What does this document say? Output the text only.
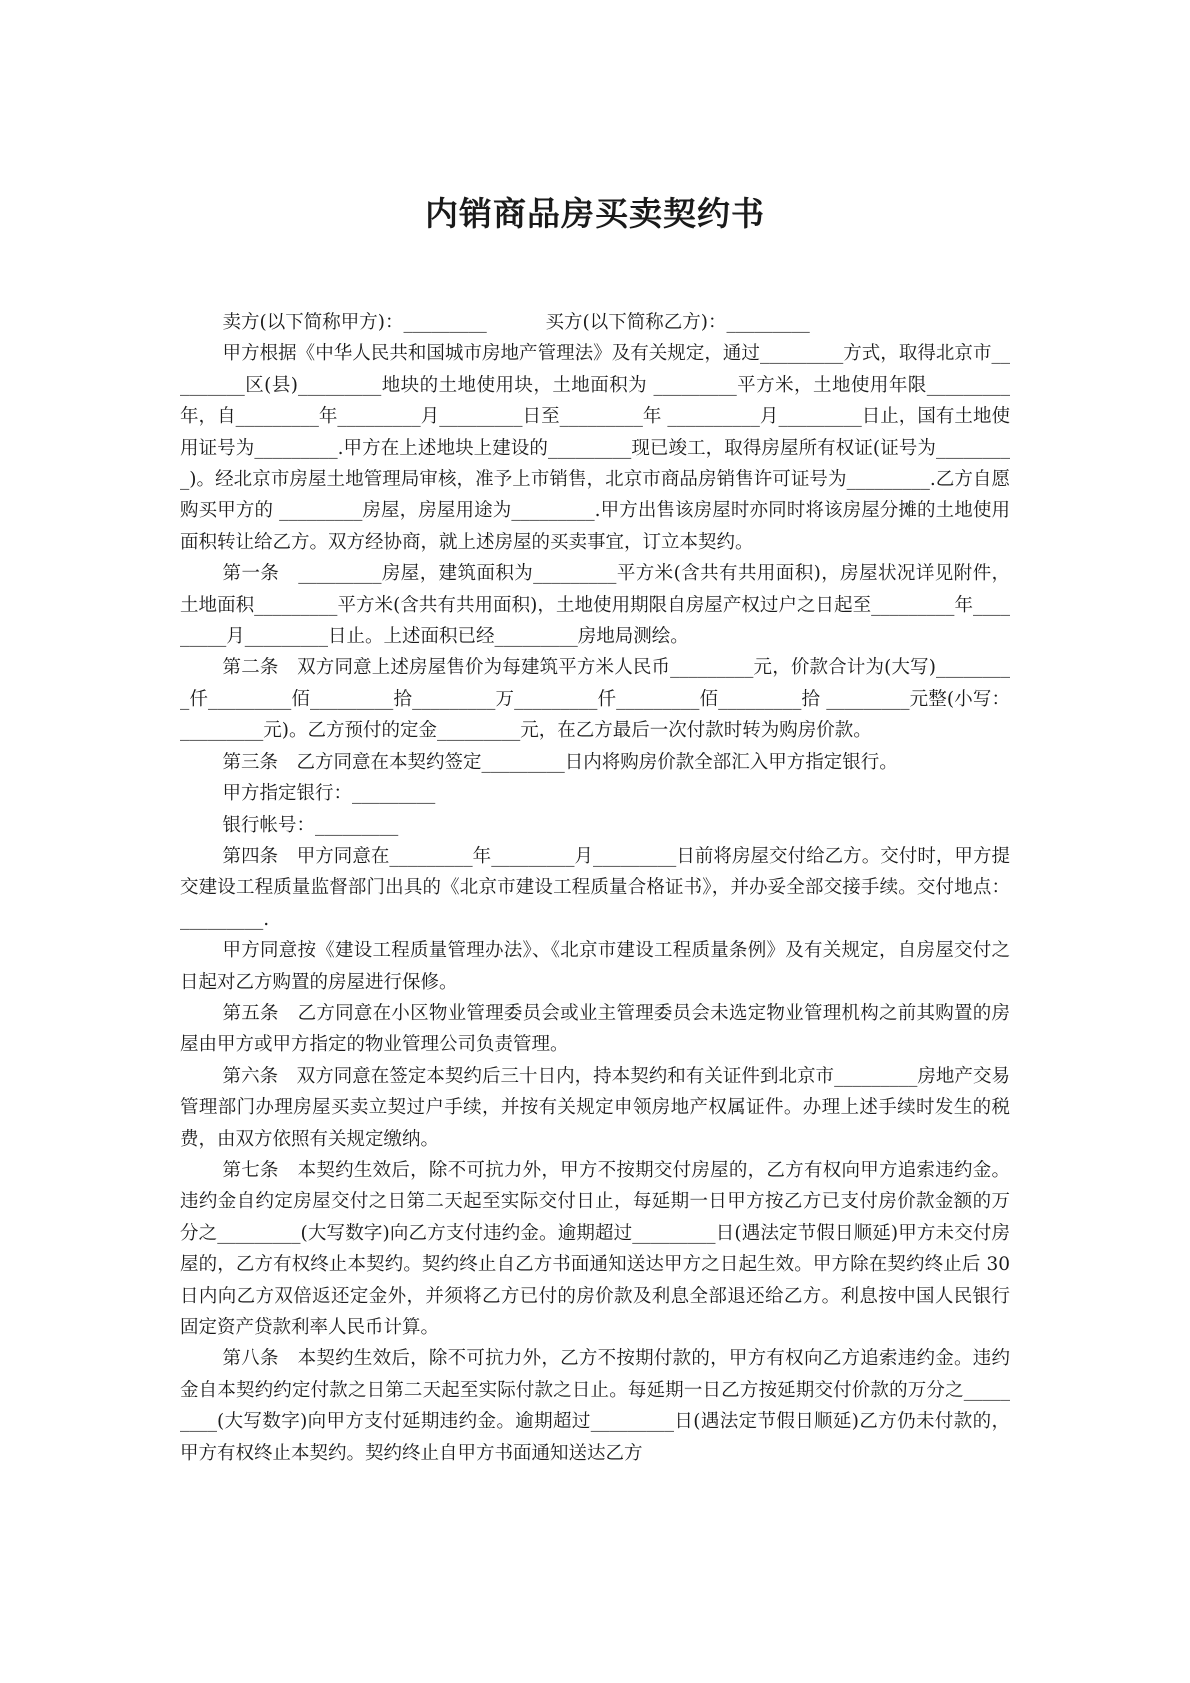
内销商品房买卖契约书

卖方(以下简称甲方)：_________	买方(以下简称乙方)：_________

甲方根据《中华人民共和国城市房地产管理法》及有关规定，通过_________方式，取得北京市_________区(县)_________地块的土地使用块，土地面积为 _________平方米，土地使用年限_________年，自_________年_________月_________日至_________年 __________月_________日止，国有土地使用证号为_________.甲方在上述地块上建设的_________现已竣工，取得房屋所有权证(证号为_________)。经北京市房屋土地管理局审核，准予上市销售，北京市商品房销售许可证号为_________.乙方自愿购买甲方的 _________房屋，房屋用途为_________.甲方出售该房屋时亦同时将该房屋分摊的土地使用面积转让给乙方。双方经协商，就上述房屋的买卖事宜，订立本契约。

第一条　_________房屋，建筑面积为_________平方米(含共有共用面积)，房屋状况详见附件，土地面积_________平方米(含共有共用面积)，土地使用期限自房屋产权过户之日起至_________年_________月_________日止。上述面积已经_________房地局测绘。

第二条　双方同意上述房屋售价为每建筑平方米人民币_________元，价款合计为(大写)_________仟_________佰_________拾_________万_________仟_________佰_________拾 _________元整(小写：_________元)。乙方预付的定金_________元，在乙方最后一次付款时转为购房价款。

第三条　乙方同意在本契约签定_________日内将购房价款全部汇入甲方指定银行。

甲方指定银行：_________

银行帐号：_________

第四条　甲方同意在_________年_________月_________日前将房屋交付给乙方。交付时，甲方提交建设工程质量监督部门出具的《北京市建设工程质量合格证书》，并办妥全部交接手续。交付地点：_________.

甲方同意按《建设工程质量管理办法》、《北京市建设工程质量条例》及有关规定，自房屋交付之日起对乙方购置的房屋进行保修。

第五条　乙方同意在小区物业管理委员会或业主管理委员会未选定物业管理机构之前其购置的房屋由甲方或甲方指定的物业管理公司负责管理。

第六条　双方同意在签定本契约后三十日内，持本契约和有关证件到北京市_________房地产交易管理部门办理房屋买卖立契过户手续，并按有关规定申领房地产权属证件。办理上述手续时发生的税费，由双方依照有关规定缴纳。

第七条　本契约生效后，除不可抗力外，甲方不按期交付房屋的，乙方有权向甲方追索违约金。违约金自约定房屋交付之日第二天起至实际交付日止，每延期一日甲方按乙方已支付房价款金额的万分之_________(大写数字)向乙方支付违约金。逾期超过_________日(遇法定节假日顺延)甲方未交付房屋的，乙方有权终止本契约。契约终止自乙方书面通知送达甲方之日起生效。甲方除在契约终止后 30 日内向乙方双倍返还定金外，并须将乙方已付的房价款及利息全部退还给乙方。利息按中国人民银行固定资产贷款利率人民币计算。

第八条　本契约生效后，除不可抗力外，乙方不按期付款的，甲方有权向乙方追索违约金。违约金自本契约约定付款之日第二天起至实际付款之日止。每延期一日乙方按延期交付价款的万分之_________(大写数字)向甲方支付延期违约金。逾期超过_________日(遇法定节假日顺延)乙方仍未付款的，甲方有权终止本契约。契约终止自甲方书面通知送达乙方
